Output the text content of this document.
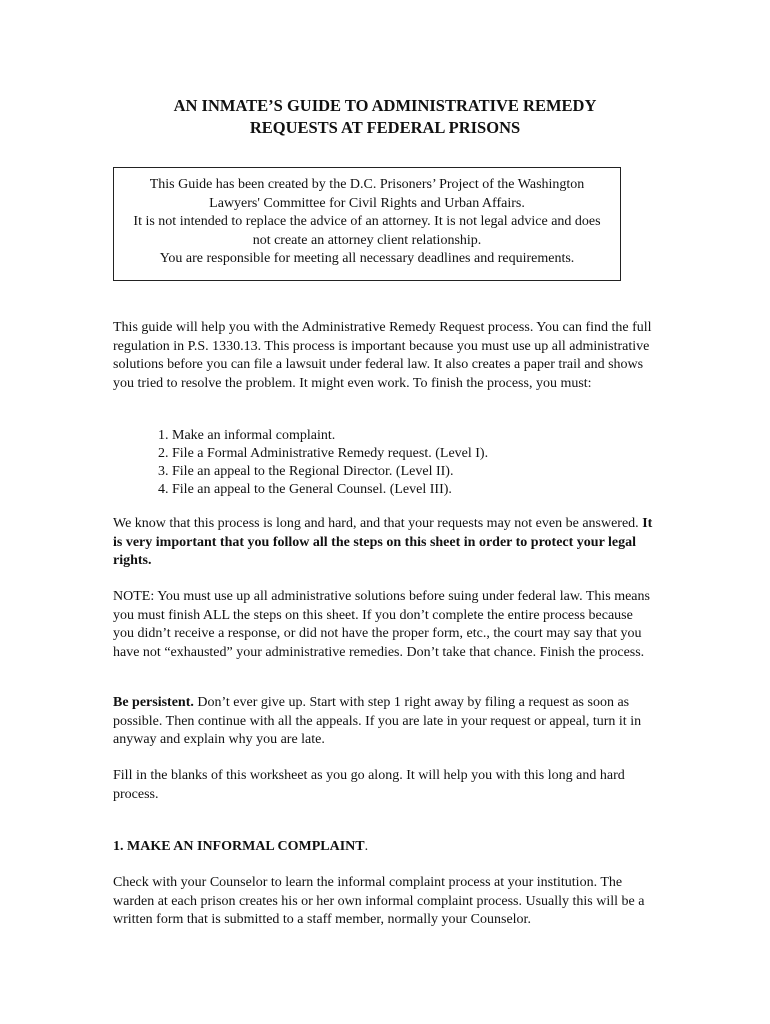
AN INMATE’S GUIDE TO ADMINISTRATIVE REMEDY
REQUESTS AT FEDERAL PRISONS

This Guide has been created by the D.C. Prisoners’ Project of the Washington Lawyers' Committee for Civil Rights and Urban Affairs.

It is not intended to replace the advice of an attorney. It is not legal advice and does not create an attorney client relationship.

You are responsible for meeting all necessary deadlines and requirements.

This guide will help you with the Administrative Remedy Request process. You can find the full regulation in P.S. 1330.13. This process is important because you must use up all administrative solutions before you can file a lawsuit under federal law. It also creates a paper trail and shows you tried to resolve the problem. It might even work. To finish the process, you must:

1. Make an informal complaint.
2. File a Formal Administrative Remedy request. (Level I).
3. File an appeal to the Regional Director. (Level II).
4. File an appeal to the General Counsel. (Level III).

We know that this process is long and hard, and that your requests may not even be answered. It is very important that you follow all the steps on this sheet in order to protect your legal rights.

NOTE: You must use up all administrative solutions before suing under federal law. This means you must finish ALL the steps on this sheet. If you don’t complete the entire process because you didn’t receive a response, or did not have the proper form, etc., the court may say that you have not “exhausted” your administrative remedies. Don’t take that chance. Finish the process.

Be persistent. Don’t ever give up. Start with step 1 right away by filing a request as soon as possible. Then continue with all the appeals. If you are late in your request or appeal, turn it in anyway and explain why you are late.

Fill in the blanks of this worksheet as you go along. It will help you with this long and hard process.

1. MAKE AN INFORMAL COMPLAINT.

Check with your Counselor to learn the informal complaint process at your institution. The warden at each prison creates his or her own informal complaint process. Usually this will be a written form that is submitted to a staff member, normally your Counselor.
